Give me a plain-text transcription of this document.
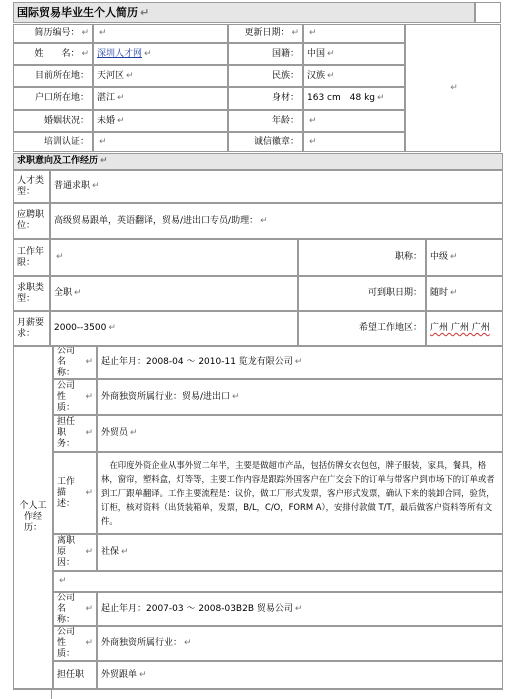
国际贸易毕业生个人简历 ↵
简历编号： ↵ ↵	更新日期： ↵ ↵
↵
姓　　名： ↵ 深圳人才网 ↵	国籍： 中国 ↵
目前所在地： 天河区 ↵	民族： 汉族 ↵
户口所在地： 湛江 ↵	身材： 163 cm　48 kg ↵
婚姻状况： 未婚 ↵	年龄： ↵
培训认证： ↵	诚信徽章： ↵
求职意向及工作经历 ↵
人才类型：
普通求职 ↵
应聘职位：
高级贸易跟单，英语翻译，贸易/进出口专员/助理： ↵
工作年限：
↵	职称： 中级 ↵
求职类型：
全职 ↵	可到职日期： 随时 ↵
月薪要求：
2000--3500 ↵	希望工作地区： 广州 广州 广州
个人工作经历：
公司名称：
↵ 起止年月：2008-04 ～ 2010-11 览龙有限公司 ↵
公司性质：
↵ 外商独资所属行业：贸易/进出口 ↵
担任职务：
↵ 外贸员 ↵
工作描述：
↵
在印度外资企业从事外贸二年半，主要是做超市产品，包括仿牌女衣包包，牌子服装，家具，餐具，格林，窗帘，塑料盒，灯等等，主要工作内容是跟踪外国客户在广交会下的订单与带客户到市场下的订单或者到工厂跟单翻译。工作主要流程是：议价，做工厂形式发票，客户形式发票，确认下来的装卸合同，验货，订柜，核对资料（出货装箱单，发票，B/L，C/O，FORM A），安排付款做 T/T，最后做客户资料等所有文件。
离职原因：
↵ 社保 ↵
↵
公司名称：
↵ 起止年月：2007-03 ～ 2008-03B2B 贸易公司 ↵
公司性质：
↵ 外商独资所属行业： ↵
担任职 外贸跟单 ↵
